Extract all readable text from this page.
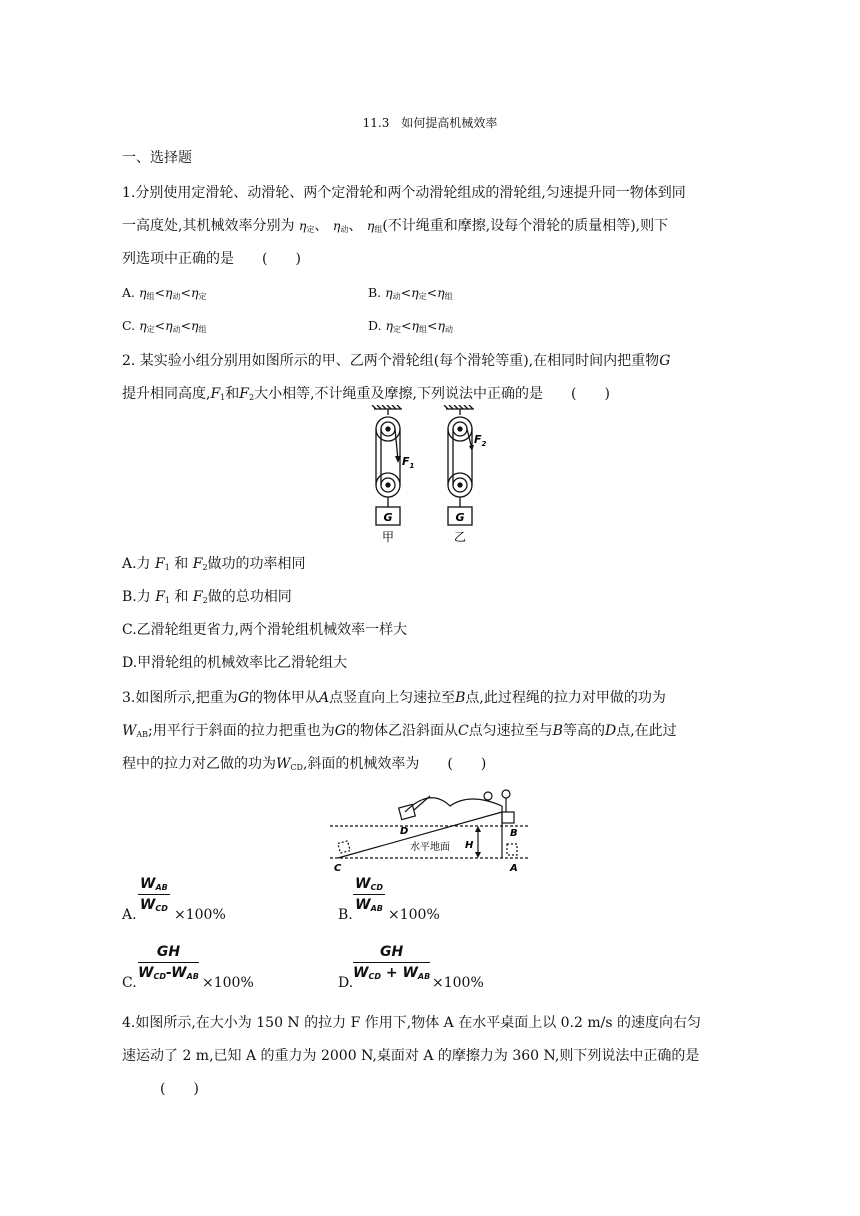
11.3　如何提高机械效率
一、选择题
1.分别使用定滑轮、动滑轮、两个定滑轮和两个动滑轮组成的滑轮组,匀速提升同一物体到同
一高度处,其机械效率分别为 $\eta_定$、 $\eta_动$、 $\eta_组$(不计绳重和摩擦,设每个滑轮的质量相等),则下
列选项中正确的是　　(　　)
A. $\eta_组<\eta_动<\eta_定$	B. $\eta_动<\eta_定<\eta_组$
C. $\eta_定<\eta_动<\eta_组$	D. $\eta_定<\eta_组<\eta_动$
2. 某实验小组分别用如图所示的甲、乙两个滑轮组(每个滑轮等重),在相同时间内把重物G
提升相同高度$,F_1$和$F_2$大小相等,不计绳重及摩擦,下列说法中正确的是　　(　　)
$F_1$
$F_2$
G	G
甲	乙
A.力 $F_1$ 和 $F_2$做功的功率相同
B.力 $F_1$ 和 $F_2$做的总功相同
C.乙滑轮组更省力,两个滑轮组机械效率一样大
D.甲滑轮组的机械效率比乙滑轮组大
3.如图所示,把重为G的物体甲从A点竖直向上匀速拉至B点,此过程绳的拉力对甲做的功为
$W_{AB}$;用平行于斜面的拉力把重也为G的物体乙沿斜面从C点匀速拉至与B等高的D点,在此过
程中的拉力对乙做的功为$W_{CD}$,斜面的机械效率为　　(　　)
水平地面 H
C
D	B
A
A.
$W_{AB}$
$W_{CD} \times 100\%$	B.
$W_{CD}$
$W_{AB} \times 100\%$
C.
GH
$W_{CD}-W_{AB} \times 100\%$	D.
GH
$W_{CD} + W_{AB} \times 100\%$
4.如图所示,在大小为 150 N 的拉力 F 作用下,物体 A 在水平桌面上以 0.2 m/s 的速度向右匀
速运动了 2 m,已知 A 的重力为 2000 N,桌面对 A 的摩擦力为 360 N,则下列说法中正确的是
(　　)
